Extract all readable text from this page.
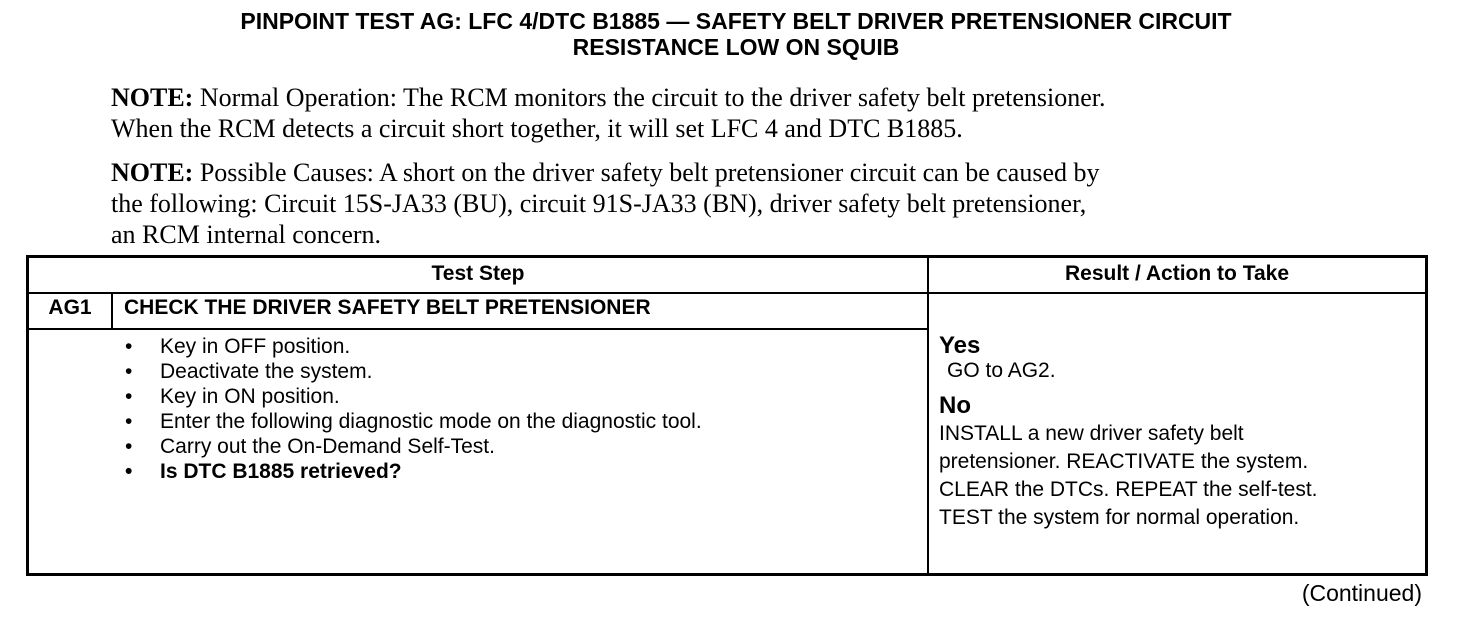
PINPOINT TEST AG: LFC 4/DTC B1885 — SAFETY BELT DRIVER PRETENSIONER CIRCUIT
RESISTANCE LOW ON SQUIB
NOTE: Normal Operation: The RCM monitors the circuit to the driver safety belt pretensioner.
When the RCM detects a circuit short together, it will set LFC 4 and DTC B1885.
NOTE: Possible Causes: A short on the driver safety belt pretensioner circuit can be caused by
the following: Circuit 15S-JA33 (BU), circuit 91S-JA33 (BN), driver safety belt pretensioner,
an RCM internal concern.
Test Step	Result / Action to Take
AG1	CHECK THE DRIVER SAFETY BELT PRETENSIONER
• Key in OFF position.
• Deactivate the system.
• Key in ON position.
• Enter the following diagnostic mode on the diagnostic tool.
• Carry out the On-Demand Self-Test.
• Is DTC B1885 retrieved?
Yes
GO to AG2.
No
INSTALL a new driver safety belt
pretensioner. REACTIVATE the system.
CLEAR the DTCs. REPEAT the self-test.
TEST the system for normal operation.
(Continued)
